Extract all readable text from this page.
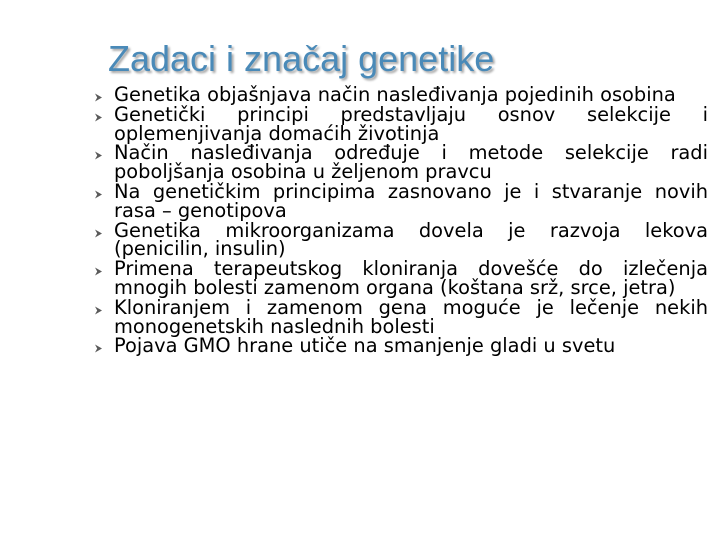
Zadaci i značaj genetike
Genetika objašnjava način nasleđivanja pojedinih osobina
Genetički principi predstavljaju osnov selekcije i oplemenjivanja domaćih životinja
Način nasleđivanja određuje i metode selekcije radi poboljšanja osobina u željenom pravcu
Na genetičkim principima zasnovano je i stvaranje novih rasa – genotipova
Genetika mikroorganizama dovela je razvoja lekova (penicilin, insulin)
Primena terapeutskog kloniranja dovešće do izlečenja mnogih bolesti zamenom organa (koštana srž, srce, jetra)
Kloniranjem i zamenom gena moguće je lečenje nekih monogenetskih naslednih bolesti
Pojava GMO hrane utiče na smanjenje gladi u svetu
